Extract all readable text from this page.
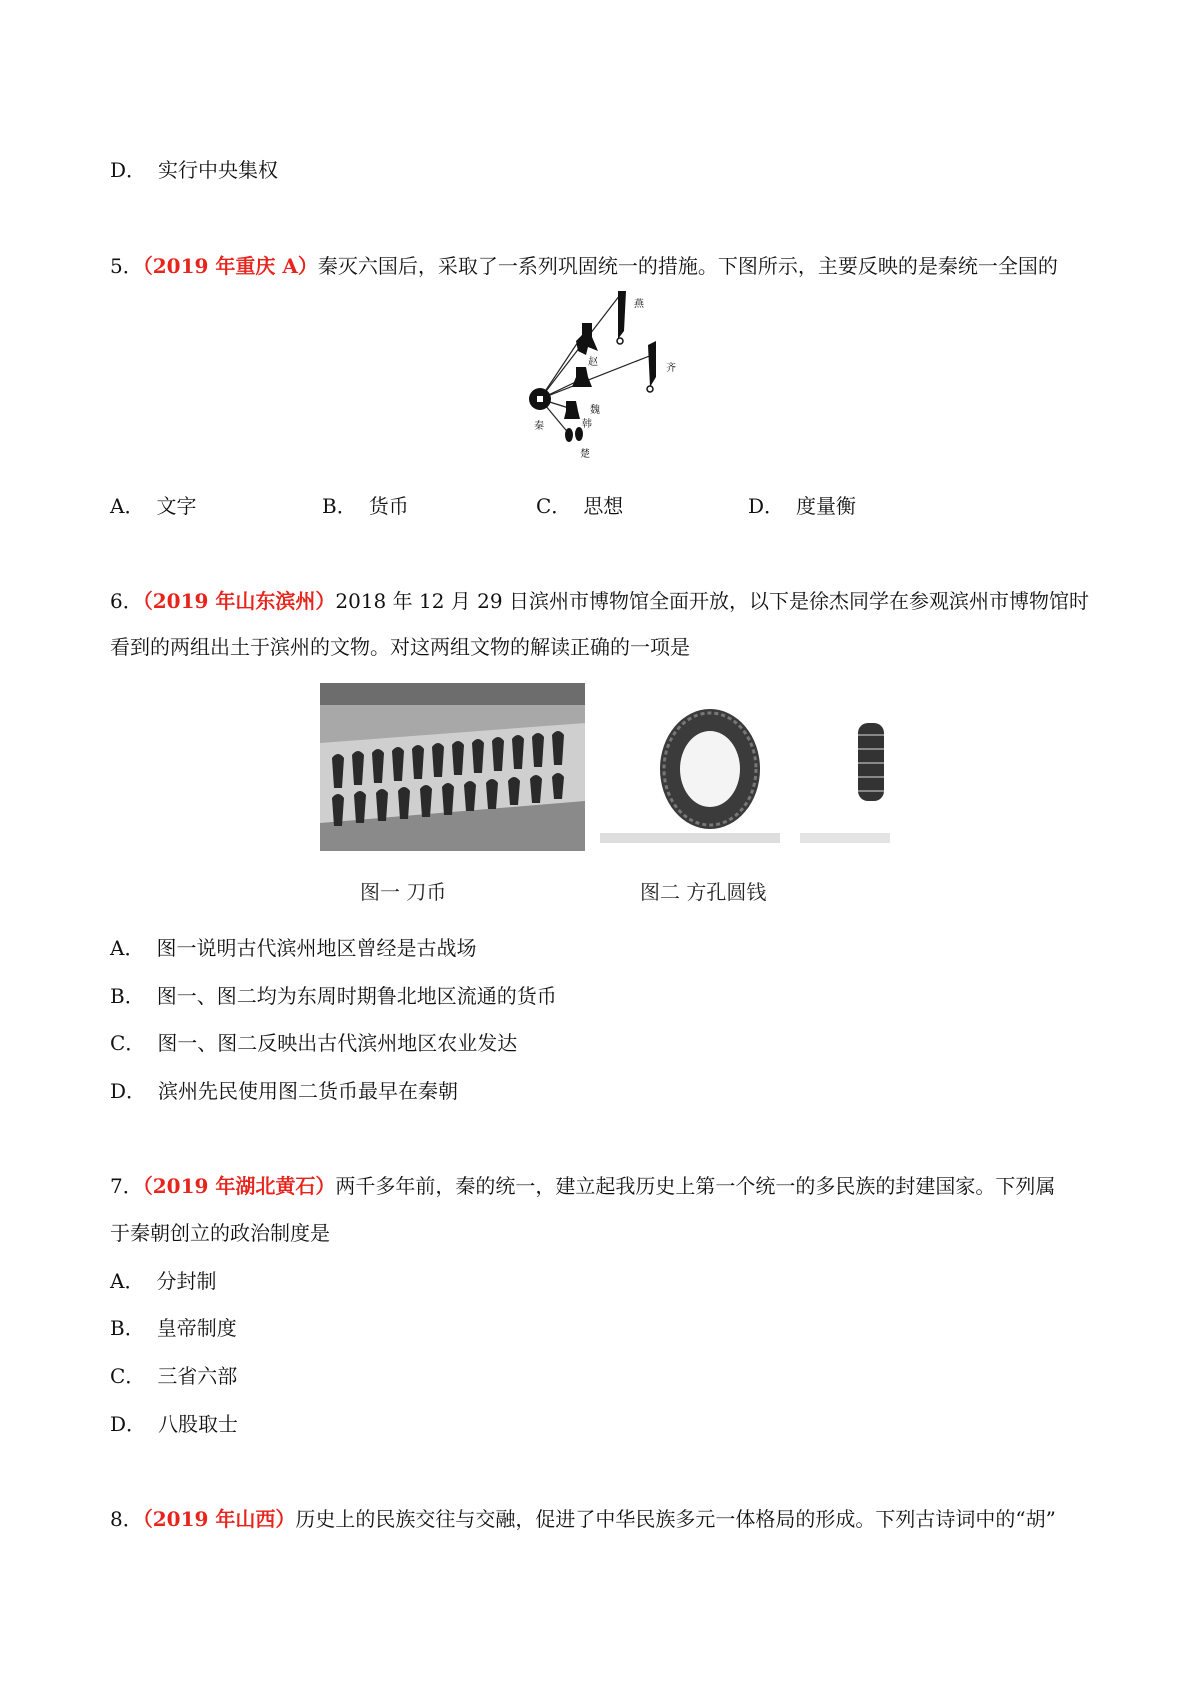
D． 实行中央集权
5．（2019 年重庆 A）秦灭六国后，采取了一系列巩固统一的措施。下图所示，主要反映的是秦统一全国的
燕
赵
齐
秦
魏
韩
楚
A． 文字	B． 货币	C． 思想	D． 度量衡
6．（2019 年山东滨州）2018 年 12 月 29 日滨州市博物馆全面开放，以下是徐杰同学在参观滨州市博物馆时
看到的两组出土于滨州的文物。对这两组文物的解读正确的一项是
图一 刀币	图二 方孔圆钱
A． 图一说明古代滨州地区曾经是古战场
B． 图一、图二均为东周时期鲁北地区流通的货币
C． 图一、图二反映出古代滨州地区农业发达
D． 滨州先民使用图二货币最早在秦朝
7．（2019 年湖北黄石）两千多年前，秦的统一，建立起我历史上第一个统一的多民族的封建国家。下列属
于秦朝创立的政治制度是
A． 分封制
B． 皇帝制度
C． 三省六部
D． 八股取士
8．（2019 年山西）历史上的民族交往与交融，促进了中华民族多元一体格局的形成。下列古诗词中的“胡”
